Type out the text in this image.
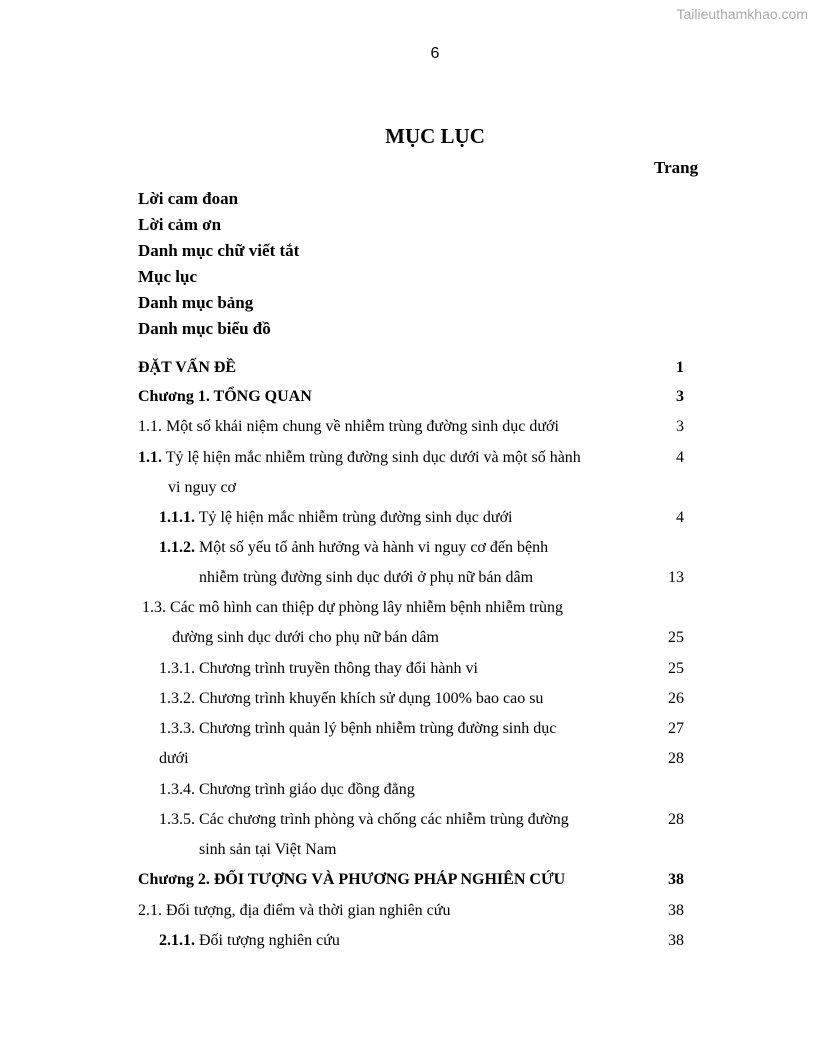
Tailieuthamkhao.com
6
MỤC LỤC
Trang
Lời cam đoan
Lời cảm ơn
Danh mục chữ viết tắt
Mục lục
Danh mục bảng
Danh mục biểu đồ
ĐẶT VẤN ĐỀ	1
Chương 1. TỔNG QUAN	3
1.1. Một số khái niệm chung về nhiễm trùng đường sinh dục dưới	3
1.1. Tỷ lệ hiện mắc nhiễm trùng đường sinh dục dưới và một số hành	4
vi nguy cơ
1.1.1. Tỷ lệ hiện mắc nhiễm trùng đường sinh dục dưới	4
1.1.2. Một số yếu tố ảnh hưởng và hành vi nguy cơ đến bệnh
nhiễm trùng đường sinh dục dưới ở phụ nữ bán dâm	13
1.3. Các mô hình can thiệp dự phòng lây nhiễm bệnh nhiễm trùng
đường sinh dục dưới cho phụ nữ bán dâm	25
1.3.1. Chương trình truyền thông thay đổi hành vi	25
1.3.2. Chương trình khuyến khích sử dụng 100% bao cao su	26
1.3.3. Chương trình quản lý bệnh nhiễm trùng đường sinh dục	27
dưới	28
1.3.4. Chương trình giáo dục đồng đẳng
1.3.5. Các chương trình phòng và chống các nhiễm trùng đường	28
sinh sản tại Việt Nam
Chương 2. ĐỐI TƯỢNG VÀ PHƯƠNG PHÁP NGHIÊN CỨU	38
2.1. Đối tượng, địa điểm và thời gian nghiên cứu	38
2.1.1. Đối tượng nghiên cứu	38
